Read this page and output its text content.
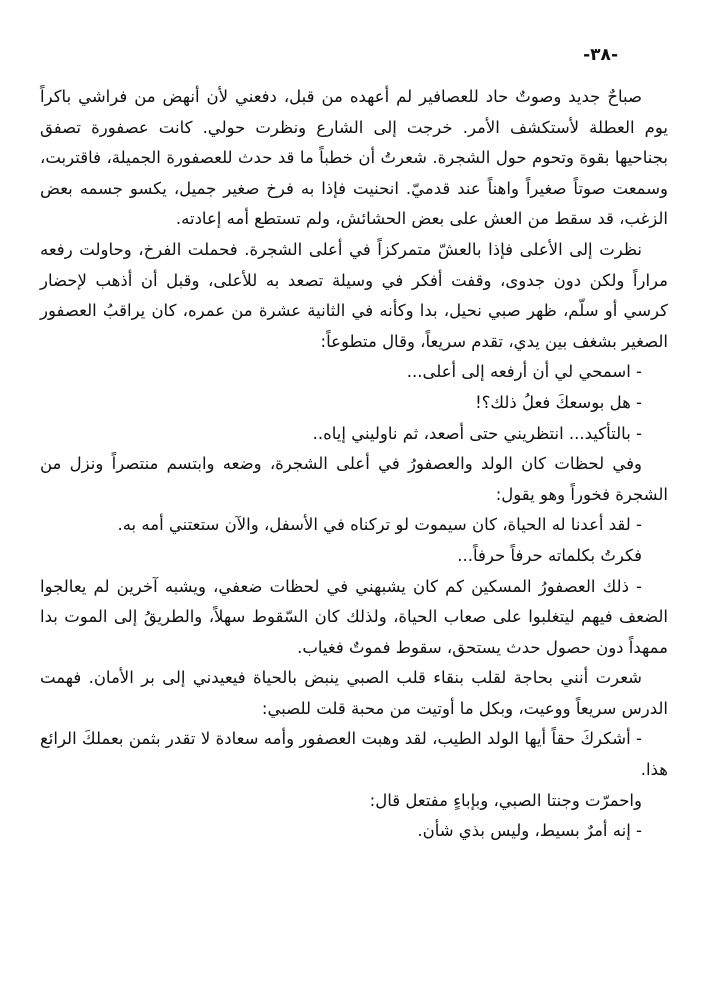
-٣٨-

صباحٌ جديد وصوتٌ حاد للعصافير لم أعهده من قبل، دفعني لأن أنهض من فراشي باكراً يوم العطلة لأستكشف الأمر. خرجت إلى الشارع ونظرت حولي. كانت عصفورة تصفق بجناحيها بقوة وتحوم حول الشجرة. شعرتُ أن خطباً ما قد حدث للعصفورة الجميلة، فاقتربت، وسمعت صوتاً صغيراً واهناً عند قدميّ. انحنيت فإذا به فرخ صغير جميل، يكسو جسمه بعض الزغب، قد سقط من العش على بعض الحشائش، ولم تستطع أمه إعادته.

نظرت إلى الأعلى فإذا بالعشّ متمركزاً في أعلى الشجرة. فحملت الفرخ، وحاولت رفعه مراراً ولكن دون جدوى، وقفت أفكر في وسيلة تصعد به للأعلى، وقبل أن أذهب لإحضار كرسي أو سلّم، ظهر صبي نحيل، بدا وكأنه في الثانية عشرة من عمره، كان يراقبُ العصفور الصغير بشغف بين يدي، تقدم سريعاً، وقال متطوعاً:

- اسمحي لي أن أرفعه إلى أعلى...

- هل بوسعكَ فعلُ ذلك؟!

- بالتأكيد... انتظريني حتى أصعد، ثم ناوليني إياه..

وفي لحظات كان الولد والعصفورُ في أعلى الشجرة، وضعه وابتسم منتصراً ونزل من الشجرة فخوراً وهو يقول:

- لقد أعدنا له الحياة، كان سيموت لو تركناه في الأسفل، والآن ستعتني أمه به.

فكرتُ بكلماته حرفاً حرفاً...

- ذلك العصفورُ المسكين كم كان يشبهني في لحظات ضعفي، ويشبه آخرين لم يعالجوا الضعف فيهم ليتغلبوا على صعاب الحياة، ولذلك كان السّقوط سهلاً، والطريقُ إلى الموت بدا ممهداً دون حصول حدث يستحق، سقوط فموتٌ فغياب.

شعرت أنني بحاجة لقلب بنقاء قلب الصبي ينبض بالحياة فيعيدني إلى بر الأمان. فهمت الدرس سريعاً ووعيت، وبكل ما أوتيت من محبة قلت للصبي:

- أشكركَ حقاً أيها الولد الطيب، لقد وهبت العصفور وأمه سعادة لا تقدر بثمن بعملكَ الرائع هذا.

واحمرّت وجنتا الصبي، وبإباءٍ مفتعل قال:

- إنه أمرٌ بسيط، وليس بذي شأن.
